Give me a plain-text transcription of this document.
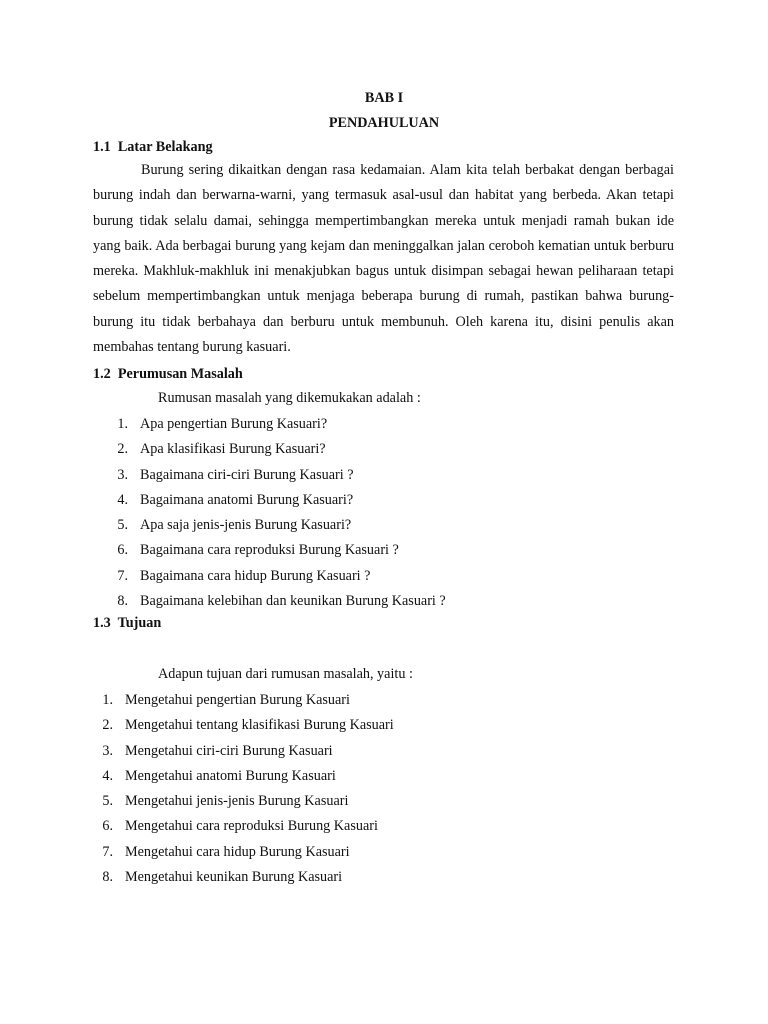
BAB I
PENDAHULUAN
1.1 Latar Belakang

Burung sering dikaitkan dengan rasa kedamaian. Alam kita telah berbakat dengan berbagai burung indah dan berwarna-warni, yang termasuk asal-usul dan habitat yang berbeda. Akan tetapi burung tidak selalu damai, sehingga mempertimbangkan mereka untuk menjadi ramah bukan ide yang baik. Ada berbagai burung yang kejam dan meninggalkan jalan ceroboh kematian untuk berburu mereka. Makhluk-makhluk ini menakjubkan bagus untuk disimpan sebagai hewan peliharaan tetapi sebelum mempertimbangkan untuk menjaga beberapa burung di rumah, pastikan bahwa burung-burung itu tidak berbahaya dan berburu untuk membunuh. Oleh karena itu, disini penulis akan membahas tentang burung kasuari.

1.2 Perumusan Masalah
Rumusan masalah yang dikemukakan adalah :
1. Apa pengertian Burung Kasuari?
2. Apa klasifikasi Burung Kasuari?
3. Bagaimana ciri-ciri Burung Kasuari ?
4. Bagaimana anatomi Burung Kasuari?
5. Apa saja jenis-jenis Burung Kasuari?
6. Bagaimana cara reproduksi Burung Kasuari ?
7. Bagaimana cara hidup Burung Kasuari ?
8. Bagaimana kelebihan dan keunikan Burung Kasuari ?
1.3 Tujuan
Adapun tujuan dari rumusan masalah, yaitu :
1. Mengetahui pengertian Burung Kasuari
2. Mengetahui tentang klasifikasi Burung Kasuari
3. Mengetahui ciri-ciri Burung Kasuari
4. Mengetahui anatomi Burung Kasuari
5. Mengetahui jenis-jenis Burung Kasuari
6. Mengetahui cara reproduksi Burung Kasuari
7. Mengetahui cara hidup Burung Kasuari
8. Mengetahui keunikan Burung Kasuari
